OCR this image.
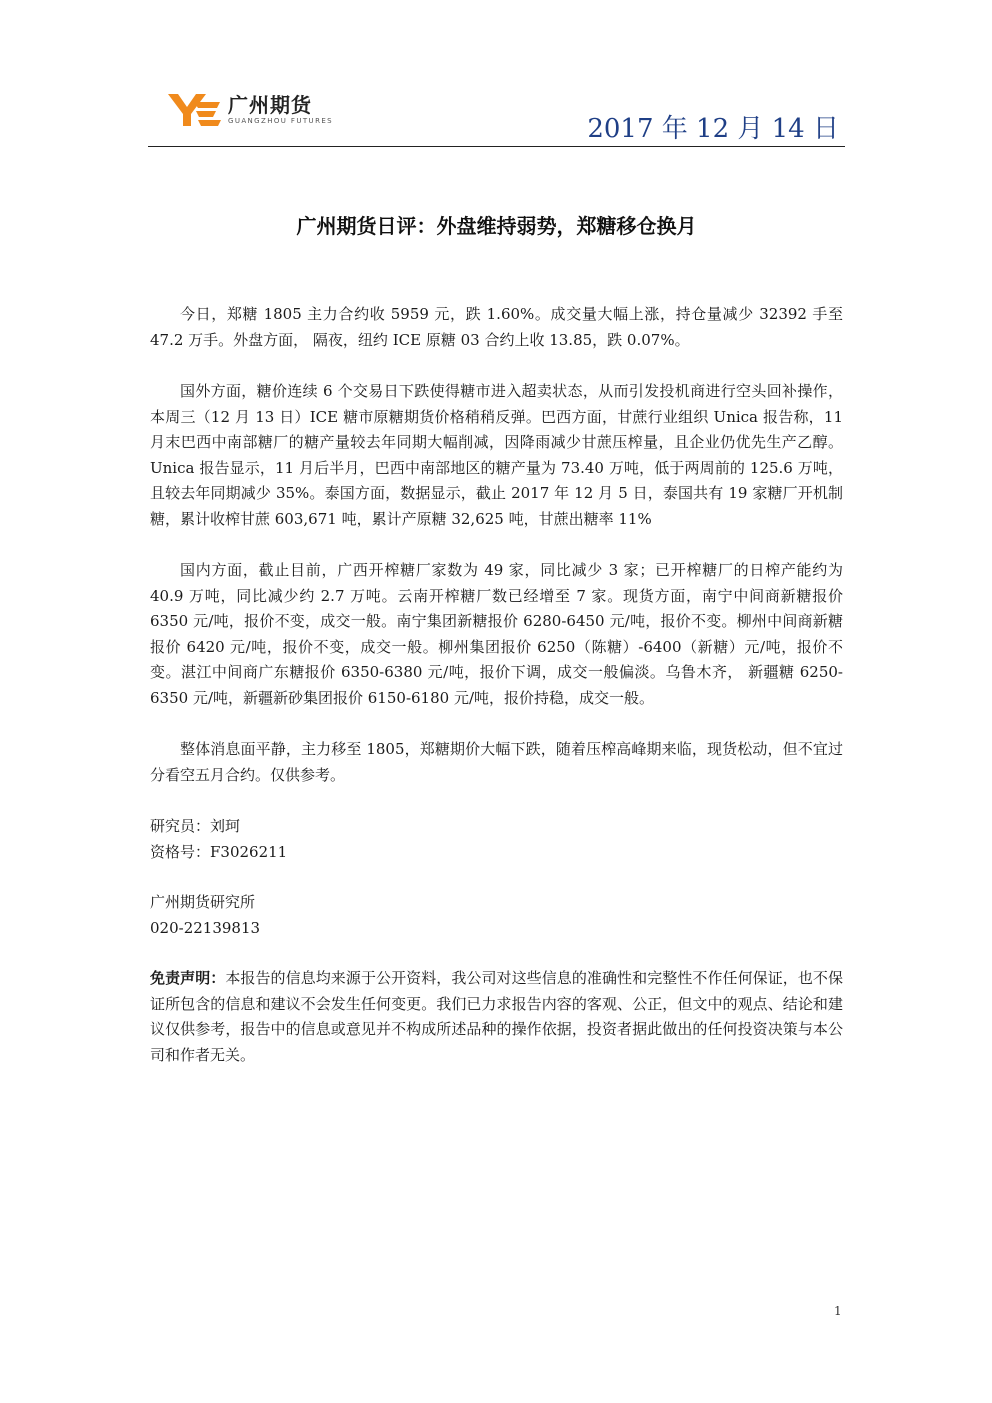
广州期货
GUANGZHOU FUTURES	2017 年 12 月 14 日
广州期货日评：外盘维持弱势，郑糖移仓换月

今日，郑糖 1805 主力合约收 5959 元，跌 1.60%。成交量大幅上涨，持仓量减少 32392 手至 47.2 万手。外盘方面， 隔夜，纽约 ICE 原糖 03 合约上收 13.85，跌 0.07%。

国外方面，糖价连续 6 个交易日下跌使得糖市进入超卖状态，从而引发投机商进行空头回补操作，本周三（12 月 13 日）ICE 糖市原糖期货价格稍稍反弹。巴西方面，甘蔗行业组织 Unica 报告称，11 月末巴西中南部糖厂的糖产量较去年同期大幅削减，因降雨减少甘蔗压榨量，且企业仍优先生产乙醇。Unica 报告显示，11 月后半月，巴西中南部地区的糖产量为 73.40 万吨，低于两周前的 125.6 万吨，且较去年同期减少 35%。泰国方面，数据显示，截止 2017 年 12 月 5 日，泰国共有 19 家糖厂开机制糖，累计收榨甘蔗 603,671 吨，累计产原糖 32,625 吨，甘蔗出糖率 11%

国内方面，截止目前，广西开榨糖厂家数为 49 家，同比减少 3 家；已开榨糖厂的日榨产能约为 40.9 万吨，同比减少约 2.7 万吨。云南开榨糖厂数已经增至 7 家。现货方面，南宁中间商新糖报价 6350 元/吨，报价不变，成交一般。南宁集团新糖报价 6280-6450 元/吨，报价不变。柳州中间商新糖报价 6420 元/吨，报价不变，成交一般。柳州集团报价 6250（陈糖）-6400（新糖）元/吨，报价不变。湛江中间商广东糖报价 6350-6380 元/吨，报价下调，成交一般偏淡。乌鲁木齐， 新疆糖 6250-6350 元/吨，新疆新砂集团报价 6150-6180 元/吨，报价持稳，成交一般。

整体消息面平静，主力移至 1805，郑糖期价大幅下跌，随着压榨高峰期来临，现货松动，但不宜过分看空五月合约。仅供参考。

研究员：刘珂

资格号：F3026211

广州期货研究所

020-22139813

免责声明：本报告的信息均来源于公开资料，我公司对这些信息的准确性和完整性不作任何保证，也不保证所包含的信息和建议不会发生任何变更。我们已力求报告内容的客观、公正，但文中的观点、结论和建议仅供参考，报告中的信息或意见并不构成所述品种的操作依据，投资者据此做出的任何投资决策与本公司和作者无关。

1
